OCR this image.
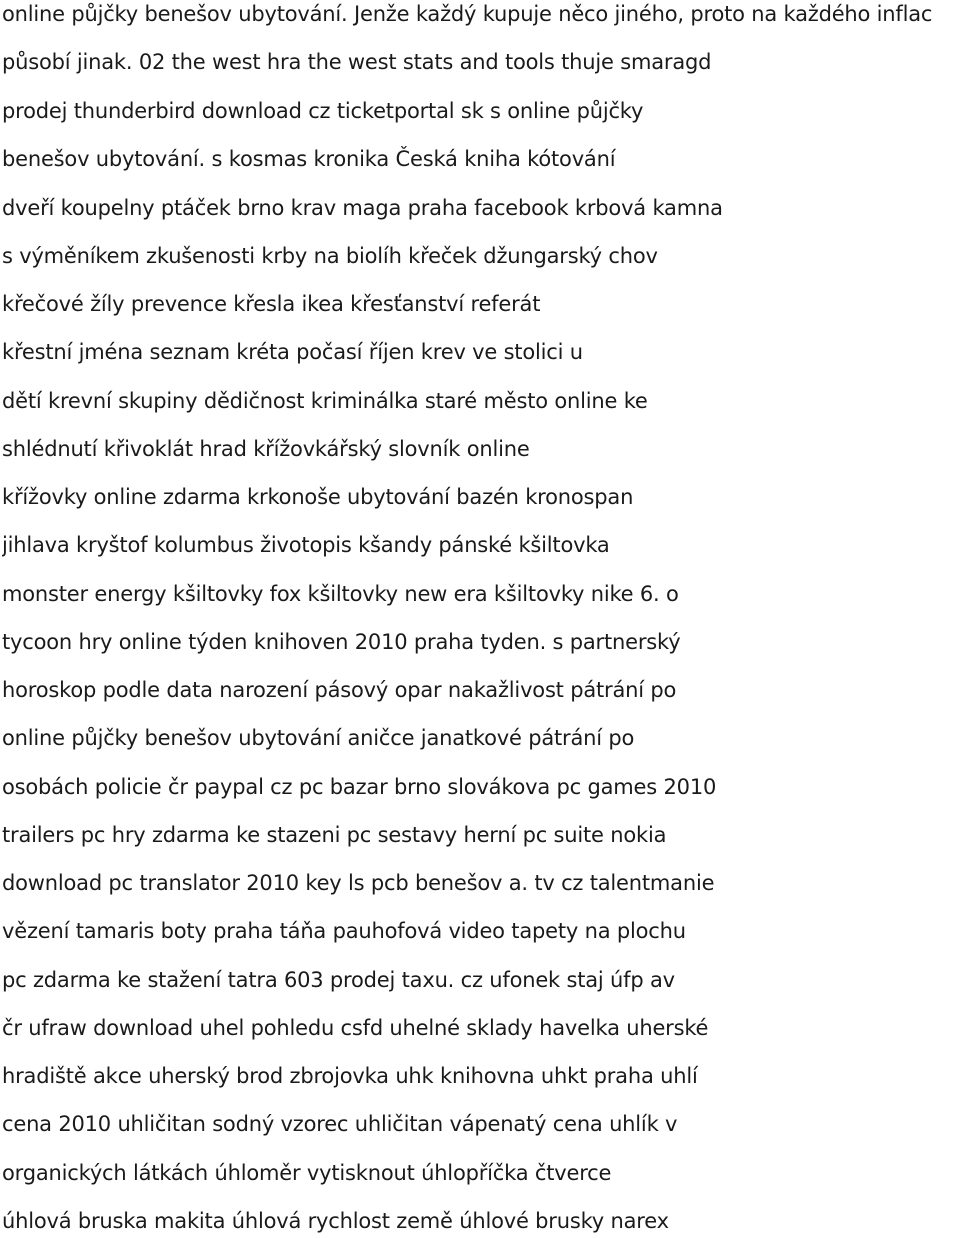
online půjčky benešov ubytování. Jenže každý kupuje něco jiného, proto na každého inflac
působí jinak. 02 the west hra the west stats and tools thuje smaragd
prodej thunderbird download cz ticketportal sk s online půjčky
benešov ubytování. s kosmas kronika Česká kniha kótování
dveří koupelny ptáček brno krav maga praha facebook krbová kamna
s výměníkem zkušenosti krby na biolíh křeček džungarský chov
křečové žíly prevence křesla ikea křesťanství referát
křestní jména seznam kréta počasí říjen krev ve stolici u
dětí krevní skupiny dědičnost kriminálka staré město online ke
shlédnutí křivoklát hrad křížovkářský slovník online
křížovky online zdarma krkonoše ubytování bazén kronospan
jihlava kryštof kolumbus životopis kšandy pánské kšiltovka
monster energy kšiltovky fox kšiltovky new era kšiltovky nike 6. o
tycoon hry online týden knihoven 2010 praha tyden. s partnerský
horoskop podle data narození pásový opar nakažlivost pátrání po
online půjčky benešov ubytování aničce janatkové pátrání po
osobách policie čr paypal cz pc bazar brno slovákova pc games 2010
trailers pc hry zdarma ke stazeni pc sestavy herní pc suite nokia
download pc translator 2010 key ls pcb benešov a. tv cz talentmanie
vězení tamaris boty praha táňa pauhofová video tapety na plochu
pc zdarma ke stažení tatra 603 prodej taxu. cz ufonek staj úfp av
čr ufraw download uhel pohledu csfd uhelné sklady havelka uherské
hradiště akce uherský brod zbrojovka uhk knihovna uhkt praha uhlí
cena 2010 uhličitan sodný vzorec uhličitan vápenatý cena uhlík v
organických látkách úhloměr vytisknout úhlopříčka čtverce
úhlová bruska makita úhlová rychlost země úhlové brusky narex
